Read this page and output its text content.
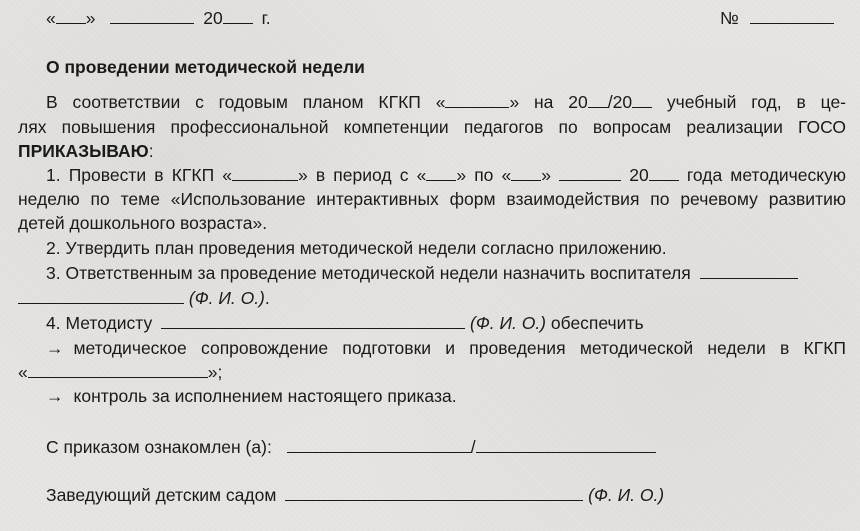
« »	20 г.	№
О проведении методической недели
В соответствии с годовым планом КГКП «	» на 20 /20 учебный год, в це-
лях повышения профессиональной компетенции педагогов по вопросам реализации ГОСО
ПРИКАЗЫВАЮ:
1. Провести в КГКП «	» в период с « » по « »	20 года методическую
неделю по теме «Использование интерактивных форм взаимодействия по речевому развитию
детей дошкольного возраста».
2. Утвердить план проведения методической недели согласно приложению.
3. Ответственным за проведение методической недели назначить воспитателя
(Ф. И. О.).
4. Методисту	(Ф. И. О.) обеспечить
→ методическое сопровождение подготовки и проведения методической недели в КГКП
«	»;
→ контроль за исполнением настоящего приказа.
С приказом ознакомлен (а):	/
Заведующий детским садом	(Ф. И. О.)
